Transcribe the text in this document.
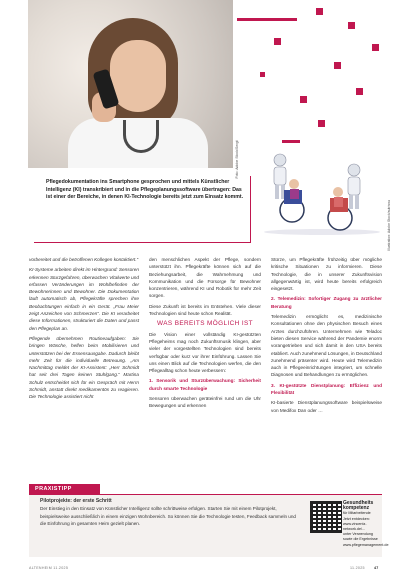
Foto: Adobe Stock/Sergii
Illustration: Adobe Stock/sutrisnu
Pflegedokumentation ins Smartphone gesprochen und mittels Künstlicher Intelligenz (KI) transkribiert und in die Pflegeplanungssoftware übertragen: Das ist einer der Bereiche, in denen KI-Technologie bereits jetzt zum Einsatz kommt.

vorbereitet und die betroffenen Kollegen kontaktiert.“

KI-Systeme arbeiten direkt im Hintergrund: Sensoren erkennen Sturzgefahren, überwachen Vitalwerte und erfassen Veränderungen im Wohlbefinden der Bewohnerinnen und Bewohner. Die Dokumentation läuft automatisch ab, Pflegekräfte sprechen ihre Beobachtungen einfach in ein Gerät. „Frau Meier zeigt Anzeichen von Schmerzen“. Die KI verarbeitet diese Informationen, strukturiert die Daten und passt den Pflegeplan an.

Pflegende übernehmen Routineaufgaben: Sie bringen Wäsche, helfen beim Mobilisieren und unterstützen bei der Essensausgabe. Dadurch bleibt mehr Zeit für die individuelle Betreuung. „Am Nachmittag meldet der KI-Assistent: „Herr Schmidt hat seit drei Tagen keinen Stuhlgang.“ Martina Schulz entscheidet sich für ein Gespräch mit Herrn Schmidt, anstatt direkt medikamentös zu reagieren. Die Technologie assistiert nicht

den menschlichen Aspekt der Pflege, sondern unterstützt ihn. Pflegekräfte können sich auf die Beziehungsarbeit, die Wahrnehmung und Kommunikation und die Fürsorge für Bewohner konzentrieren, während KI und Robotik für mehr Zeit sorgen.

Diese Zukunft ist bereits im Entstehen. Viele dieser Technologien sind heute schon Realität.

WAS BEREITS MÖGLICH IST

Die Vision einer vollständig KI-gestützten Pflegeheims mag noch Zukunftsmusik klingen, aber vieler der vorgestellten Technologien sind bereits verfügbar oder kurz vor ihrer Einführung. Lassen Sie uns einen Blick auf die Technologien werfen, die den Pflegealltag schon heute verbessern:

1. Sensorik und Sturzüberwachung: Sicherheit durch smarte Technologie

Sensoren überwachen geräteinfrei rund um die Uhr Bewegungen und erkennen

Stürze, um Pflegekräfte frühzeitig über mögliche kritische Situationen zu informieren. Diese Technologie, die in unserer Zukunftsvision allgegenwärtig ist, wird heute bereits erfolgreich eingesetzt.

2. Telemedizin: Sofortiger Zugang zu ärztlicher Beratung

Telemedizin ermöglicht es, medizinische Konsultationen ohne den physischen Besuch eines Arztes durchzuführen. Unternehmen wie Teladoc bieten diesen Service während der Pandemie enorm vorangetrieben und sich damit in den USA bereits etabliert. Auch zunehmend Lösungen, in Deutschland zunehmend präsenter wird. Heute wird Telemedizin auch in Pflegeeinrichtungen integriert, um schnelle Diagnosen und Behandlungen zu ermöglichen.

3. KI-gestützte Dienstplanung: Effizienz und Flexibilität

KI-basierte Dienstplanungssoftware beispielsweise von Medifox Dan oder …

PRAXISTIPP
Pilotprojekte: der erste Schritt
Der Einstieg in den Einsatz von Künstlicher Intelligenz sollte schrittweise erfolgen. Starten Sie mit einem Pilotprojekt, beispielsweise ausschließlich in einem einzigen Wohnbereich. So können Sie die Technologie testen, Feedback sammeln und die Einführung im gesamten Heim gezielt planen.
Gesundheits
kompetenz
für Mitarbeitende
Jetzt entdecken:
www.vincentz-network.de/...
unter Verwendung sowie die Ergebnisse
www.pflegemanagement.de
ALTENHEIM 11.2025	11.2025	47
